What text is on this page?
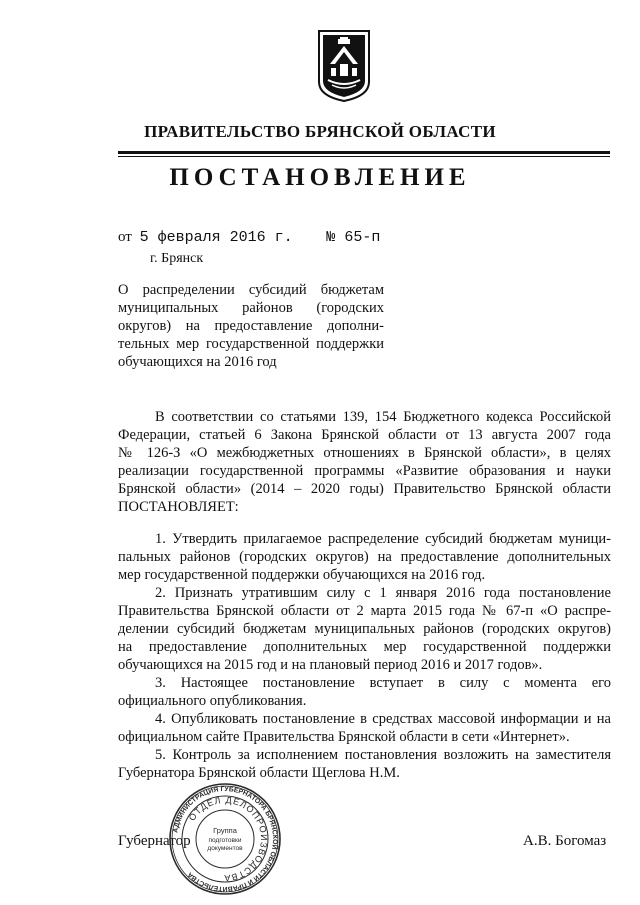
ПРАВИТЕЛЬСТВО БРЯНСКОЙ ОБЛАСТИ
ПОСТАНОВЛЕНИЕ
от 5 февраля 2016 г. № 65-п
г. Брянск
О распределении субсидий бюджетам
муниципальных районов (городских
округов) на предоставление дополни-
тельных мер государственной поддержки
обучающихся на 2016 год
В соответствии со статьями 139, 154 Бюджетного кодекса Российской
Федерации, статьей 6 Закона Брянской области от 13 августа 2007 года
№ 126-З «О межбюджетных отношениях в Брянской области», в целях
реализации государственной программы «Развитие образования и науки
Брянской области» (2014 – 2020 годы) Правительство Брянской области
ПОСТАНОВЛЯЕТ:
1. Утвердить прилагаемое распределение субсидий бюджетам муници-
пальных районов (городских округов) на предоставление дополнительных
мер государственной поддержки обучающихся на 2016 год.
2. Признать утратившим силу с 1 января 2016 года постановление
Правительства Брянской области от 2 марта 2015 года № 67-п «О распре-
делении субсидий бюджетам муниципальных районов (городских округов)
на предоставление дополнительных мер государственной поддержки
обучающихся на 2015 год и на плановый период 2016 и 2017 годов».
3. Настоящее постановление вступает в силу с момента его
официального опубликования.
4. Опубликовать постановление в средствах массовой информации и на
официальном сайте Правительства Брянской области в сети «Интернет».
5. Контроль за исполнением постановления возложить на заместителя
Губернатора Брянской области Щеглова Н.М.
Губернатор	А.В. Богомаз
АДМИНИСТРАЦИЯ ГУБЕРНАТОРА БРЯНСКОЙ ОБЛАСТИ И ПРАВИТЕЛЬСТВА
ОТДЕЛ ДЕЛОПРОИЗВОДСТВА
Группа
подготовки
документов
